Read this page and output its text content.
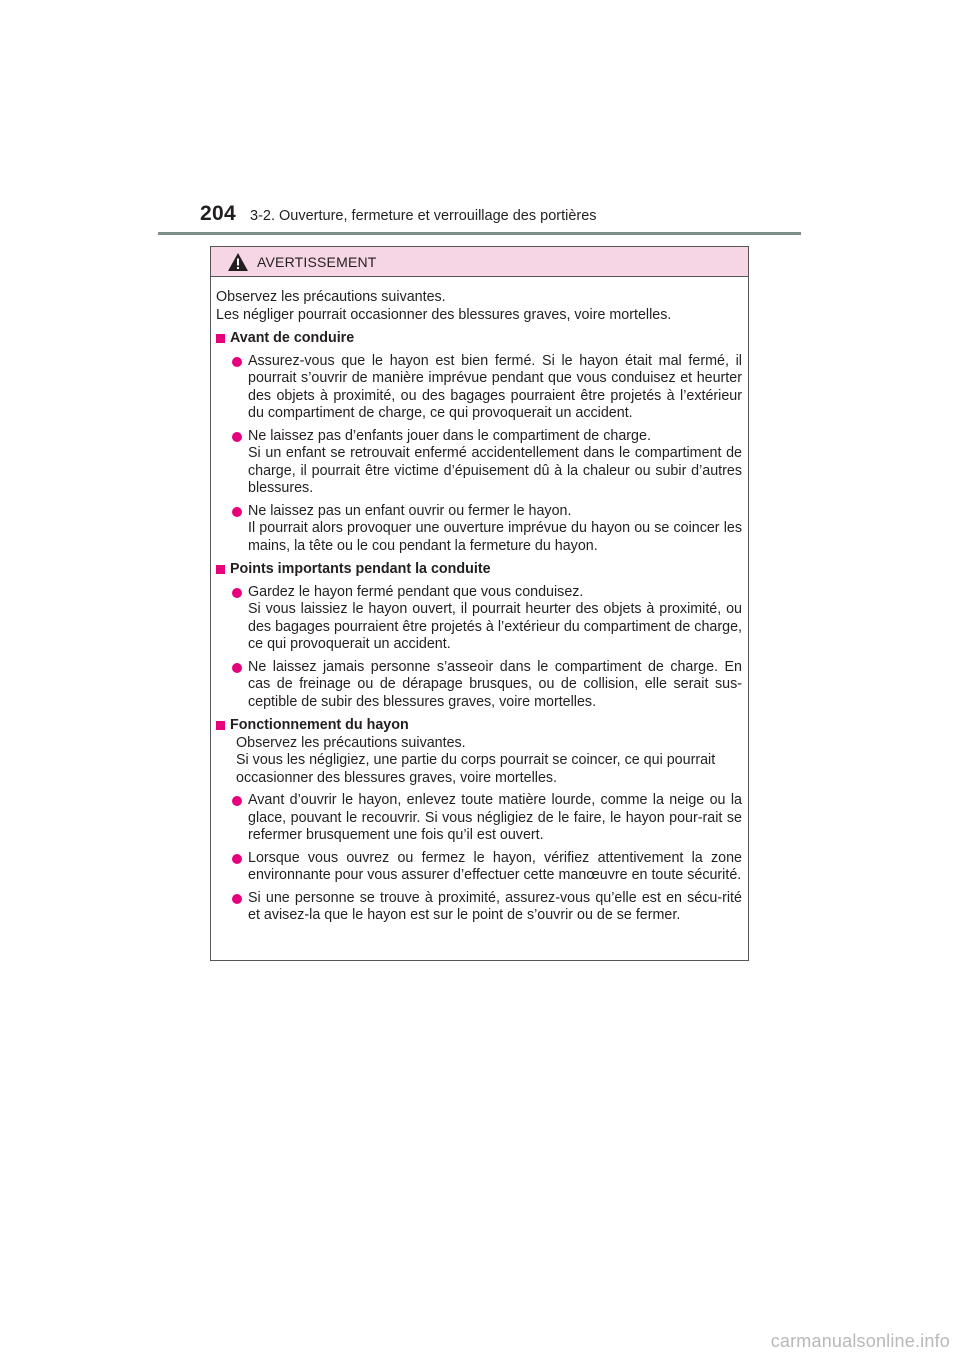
204 3-2. Ouverture, fermeture et verrouillage des portières
AVERTISSEMENT

Observez les précautions suivantes.

Les négliger pourrait occasionner des blessures graves, voire mortelles.

Avant de conduire

Assurez-vous que le hayon est bien fermé. Si le hayon était mal fermé, il pourrait s’ouvrir de manière imprévue pendant que vous conduisez et heurter des objets à proximité, ou des bagages pourraient être projetés à l’extérieur du compartiment de charge, ce qui provoquerait un accident.

Ne laissez pas d’enfants jouer dans le compartiment de charge.

Si un enfant se retrouvait enfermé accidentellement dans le compartiment de charge, il pourrait être victime d’épuisement dû à la chaleur ou subir d’autres blessures.

Ne laissez pas un enfant ouvrir ou fermer le hayon.

Il pourrait alors provoquer une ouverture imprévue du hayon ou se coincer les mains, la tête ou le cou pendant la fermeture du hayon.

Points importants pendant la conduite

Gardez le hayon fermé pendant que vous conduisez.

Si vous laissiez le hayon ouvert, il pourrait heurter des objets à proximité, ou des bagages pourraient être projetés à l’extérieur du compartiment de charge, ce qui provoquerait un accident.

Ne laissez jamais personne s’asseoir dans le compartiment de charge. En cas de freinage ou de dérapage brusques, ou de collision, elle serait sus-ceptible de subir des blessures graves, voire mortelles.

Fonctionnement du hayon

Observez les précautions suivantes.

Si vous les négligiez, une partie du corps pourrait se coincer, ce qui pourrait occasionner des blessures graves, voire mortelles.

Avant d’ouvrir le hayon, enlevez toute matière lourde, comme la neige ou la glace, pouvant le recouvrir. Si vous négligiez de le faire, le hayon pour-rait se refermer brusquement une fois qu’il est ouvert.

Lorsque vous ouvrez ou fermez le hayon, vérifiez attentivement la zone environnante pour vous assurer d’effectuer cette manœuvre en toute sécurité.

Si une personne se trouve à proximité, assurez-vous qu’elle est en sécu-rité et avisez-la que le hayon est sur le point de s’ouvrir ou de se fermer.

carmanualsonline.info
